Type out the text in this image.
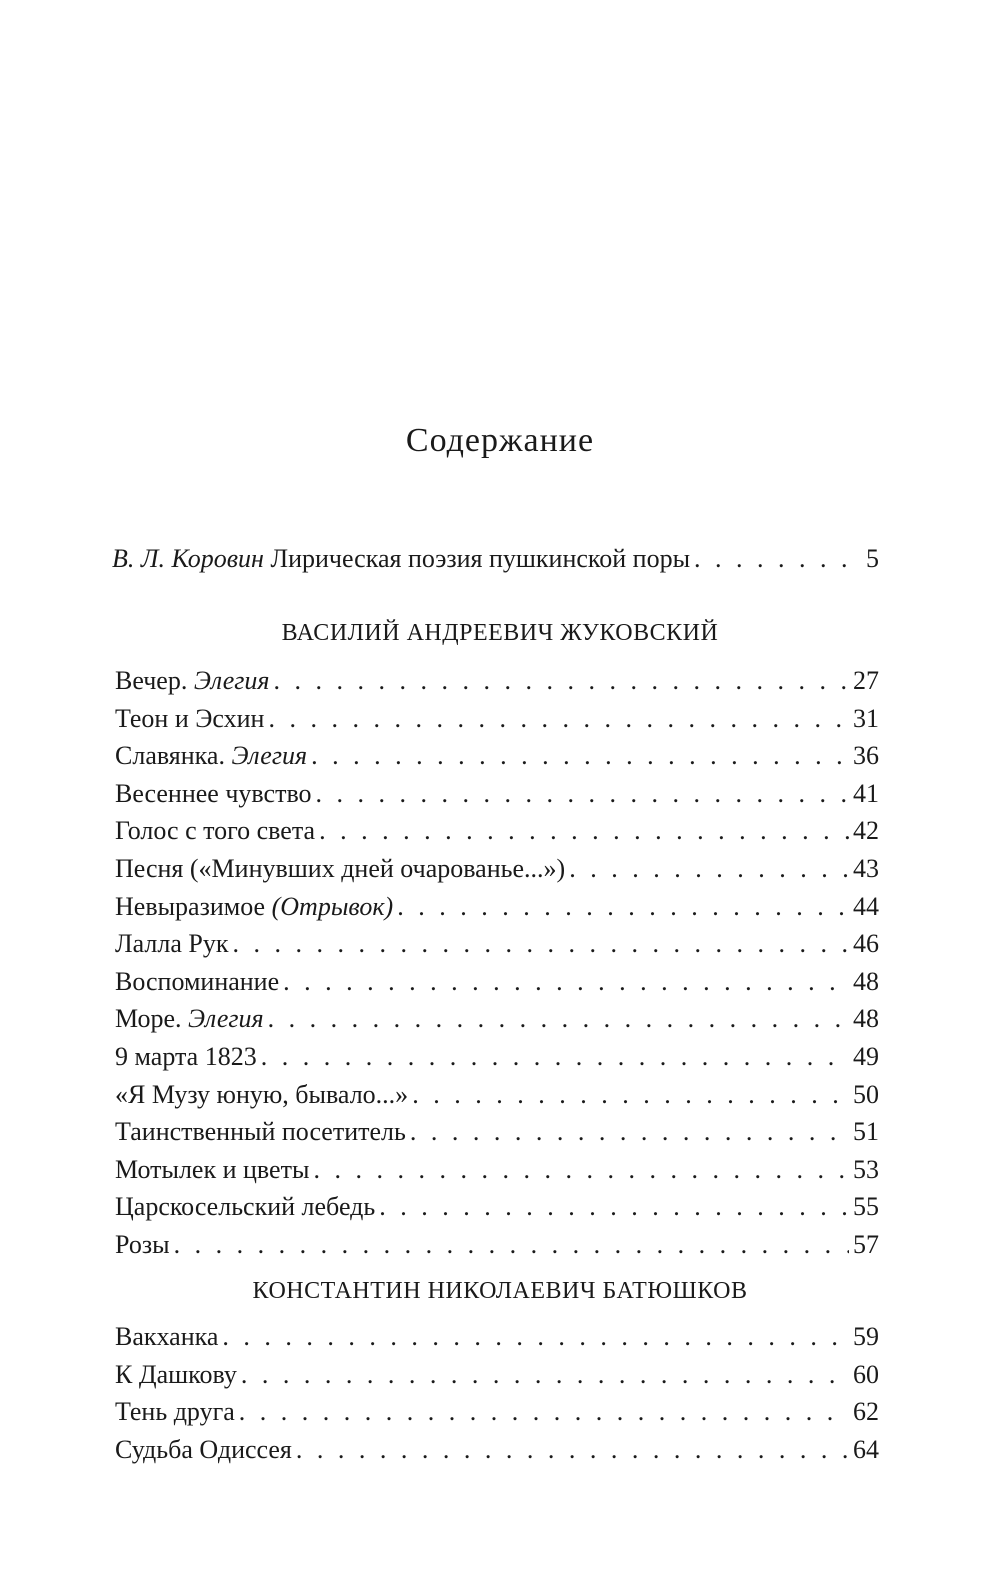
Содержание
В. Л. Коровин Лирическая поэзия пушкинской поры . . .	5
ВАСИЛИЙ АНДРЕЕВИЧ ЖУКОВСКИЙ
Вечер. Элегия . . .	27
Теон и Эсхин . . .	31
Славянка. Элегия . . .	36
Весеннее чувство . . .	41
Голос с того света . . .	42
Песня («Минувших дней очарованье...») . . .	43
Невыразимое (Отрывок) . . .	44
Лалла Рук . . .	46
Воспоминание . . .	48
Море. Элегия . . .	48
9 марта 1823 . . .	49
«Я Музу юную, бывало...» . . .	50
Таинственный посетитель . . .	51
Мотылек и цветы . . .	53
Царскосельский лебедь . . .	55
Розы . . .	57
КОНСТАНТИН НИКОЛАЕВИЧ БАТЮШКОВ
Вакханка . . .	59
К Дашкову . . .	60
Тень друга . . .	62
Судьба Одиссея . . .	64
